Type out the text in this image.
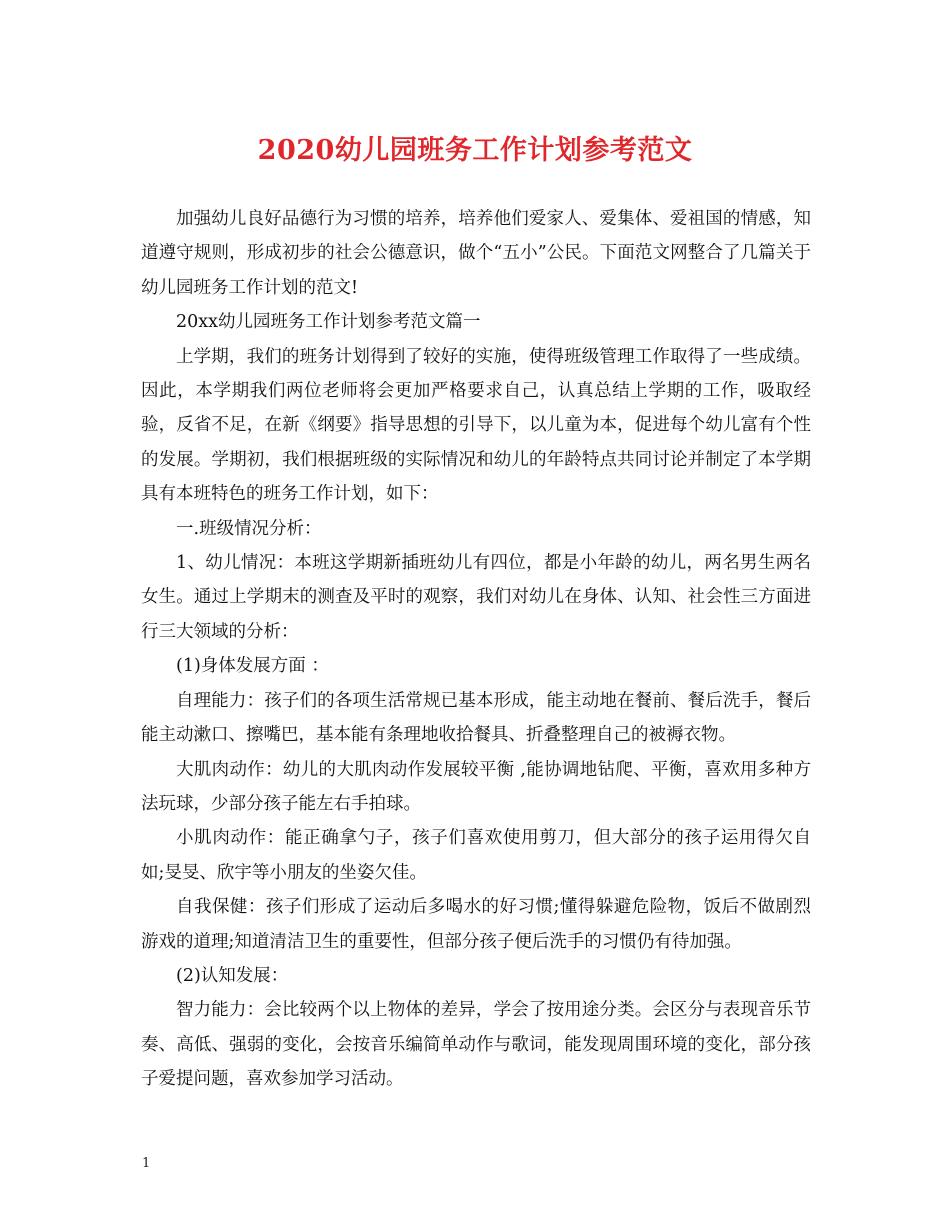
2020幼儿园班务工作计划参考范文

加强幼儿良好品德行为习惯的培养，培养他们爱家人、爱集体、爱祖国的情感，知道遵守规则，形成初步的社会公德意识，做个“五小”公民。下面范文网整合了几篇关于幼儿园班务工作计划的范文!

20xx幼儿园班务工作计划参考范文篇一

上学期，我们的班务计划得到了较好的实施，使得班级管理工作取得了一些成绩。因此，本学期我们两位老师将会更加严格要求自己，认真总结上学期的工作，吸取经验，反省不足，在新《纲要》指导思想的引导下，以儿童为本，促进每个幼儿富有个性的发展。学期初，我们根据班级的实际情况和幼儿的年龄特点共同讨论并制定了本学期具有本班特色的班务工作计划，如下：

一.班级情况分析：

1、幼儿情况：本班这学期新插班幼儿有四位，都是小年龄的幼儿，两名男生两名女生。通过上学期末的测查及平时的观察，我们对幼儿在身体、认知、社会性三方面进行三大领域的分析：

(1)身体发展方面 ：

自理能力：孩子们的各项生活常规已基本形成，能主动地在餐前、餐后洗手，餐后能主动漱口、擦嘴巴，基本能有条理地收拾餐具、折叠整理自己的被褥衣物。

大肌肉动作：幼儿的大肌肉动作发展较平衡 ,能协调地钻爬、平衡，喜欢用多种方法玩球，少部分孩子能左右手拍球。

小肌肉动作：能正确拿勺子，孩子们喜欢使用剪刀，但大部分的孩子运用得欠自如;旻旻、欣宇等小朋友的坐姿欠佳。

自我保健：孩子们形成了运动后多喝水的好习惯;懂得躲避危险物，饭后不做剧烈游戏的道理;知道清洁卫生的重要性，但部分孩子便后洗手的习惯仍有待加强。

(2)认知发展：

智力能力：会比较两个以上物体的差异，学会了按用途分类。会区分与表现音乐节奏、高低、强弱的变化，会按音乐编简单动作与歌词，能发现周围环境的变化，部分孩子爱提问题，喜欢参加学习活动。

1
